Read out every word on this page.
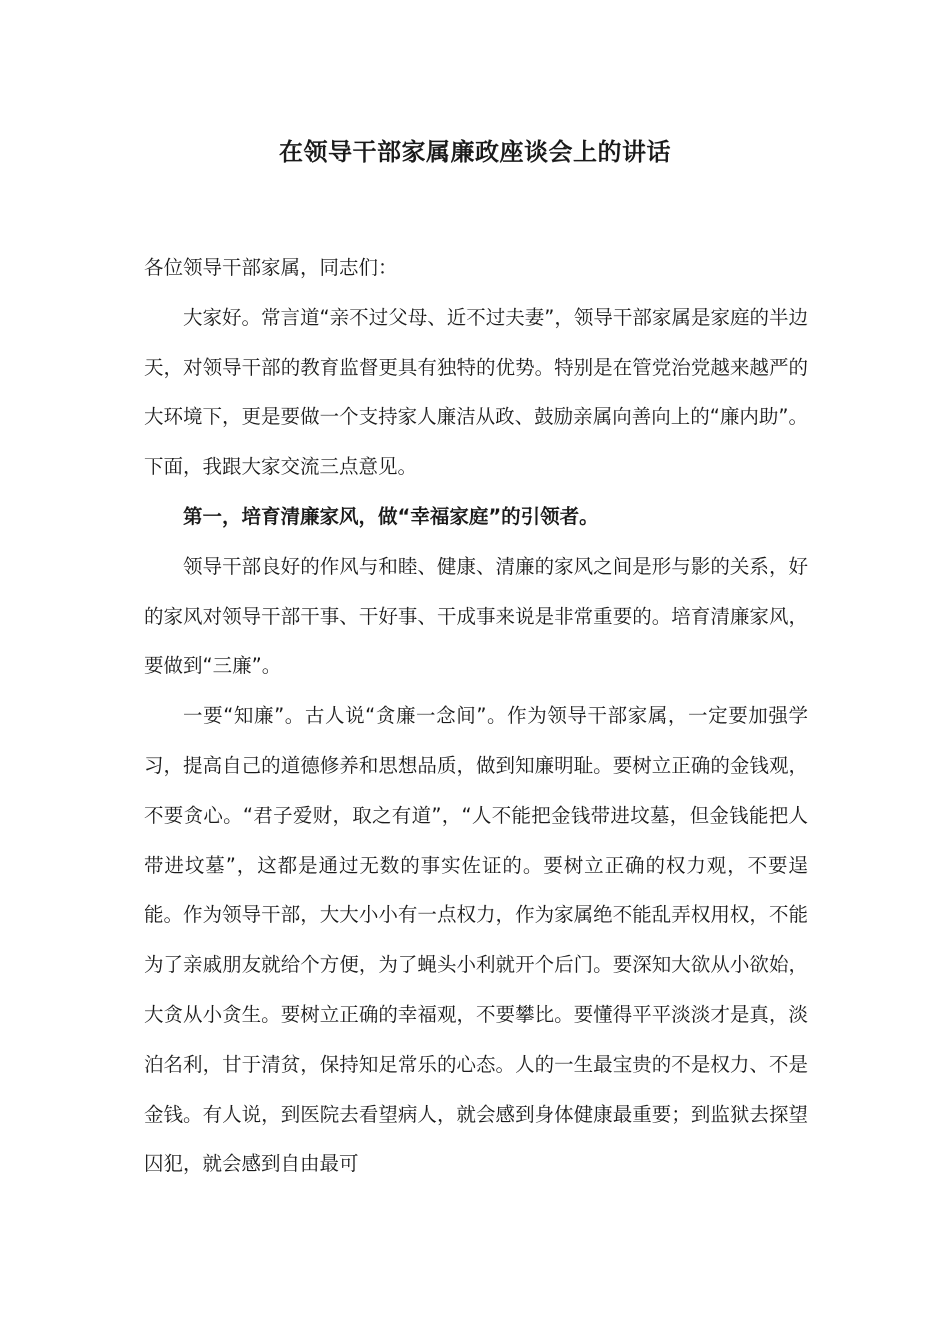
在领导干部家属廉政座谈会上的讲话

各位领导干部家属，同志们：

大家好。常言道“亲不过父母、近不过夫妻”，领导干部家属是家庭的半边天，对领导干部的教育监督更具有独特的优势。特别是在管党治党越来越严的大环境下，更是要做一个支持家人廉洁从政、鼓励亲属向善向上的“廉内助”。下面，我跟大家交流三点意见。

第一，培育清廉家风，做“幸福家庭”的引领者。

领导干部良好的作风与和睦、健康、清廉的家风之间是形与影的关系，好的家风对领导干部干事、干好事、干成事来说是非常重要的。培育清廉家风，要做到“三廉”。

一要“知廉”。古人说“贪廉一念间”。作为领导干部家属，一定要加强学习，提高自己的道德修养和思想品质，做到知廉明耻。要树立正确的金钱观，不要贪心。“君子爱财，取之有道”，“人不能把金钱带进坟墓，但金钱能把人带进坟墓”，这都是通过无数的事实佐证的。要树立正确的权力观，不要逞能。作为领导干部，大大小小有一点权力，作为家属绝不能乱弄权用权，不能为了亲戚朋友就给个方便，为了蝇头小利就开个后门。要深知大欲从小欲始，大贪从小贪生。要树立正确的幸福观，不要攀比。要懂得平平淡淡才是真，淡泊名利，甘于清贫，保持知足常乐的心态。人的一生最宝贵的不是权力、不是金钱。有人说，到医院去看望病人，就会感到身体健康最重要；到监狱去探望囚犯，就会感到自由最可
